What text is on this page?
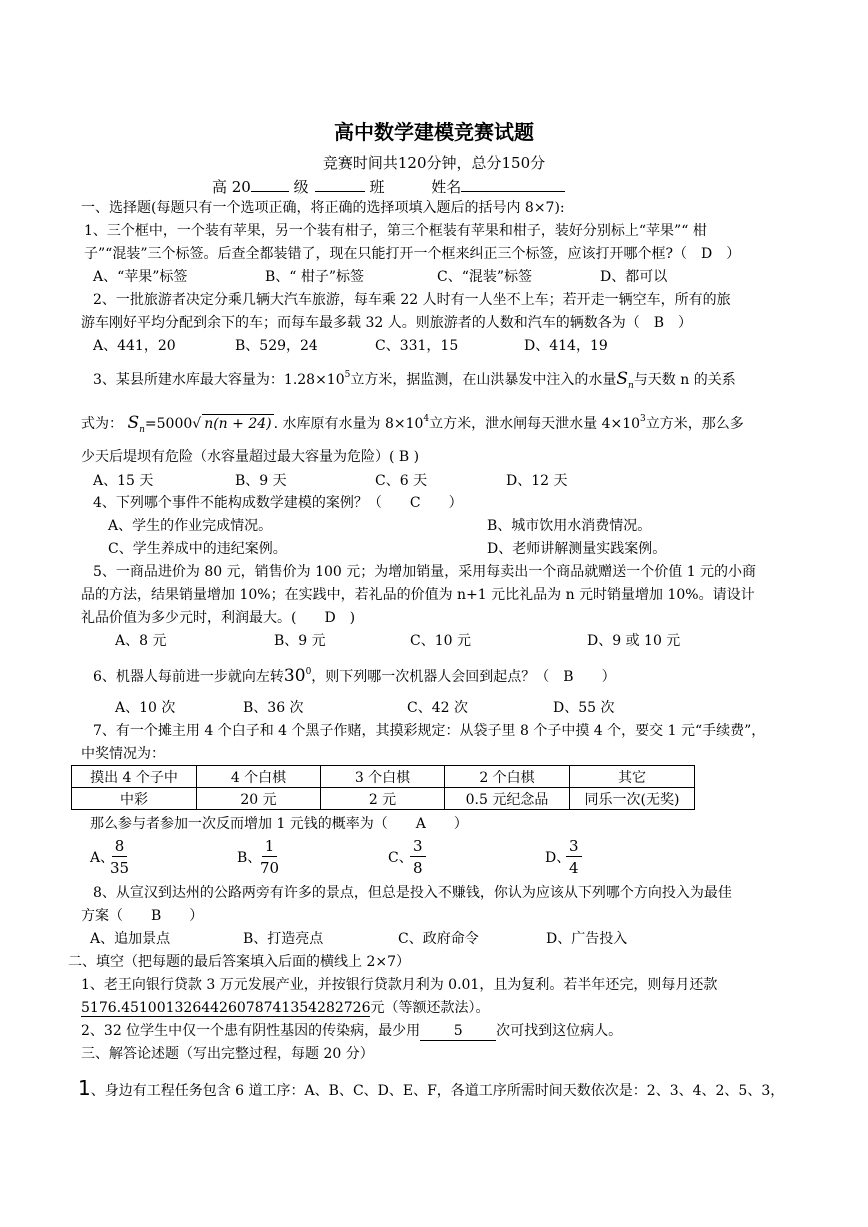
高中数学建模竞赛试题
竞赛时间共120分钟，总分150分
高 20	级	班	姓名
一、选择题(每题只有一个选项正确，将正确的选择项填入题后的括号内 8×7):
1、三个框中，一个装有苹果，另一个装有柑子，第三个框装有苹果和柑子，装好分别标上“苹果”“ 柑
子”“混装”三个标签。后查全都装错了，现在只能打开一个框来纠正三个标签，应该打开哪个框?（　D　）
A、“苹果”标签	B、“ 柑子”标签	C、“混装”标签	D、都可以
2、一批旅游者决定分乘几辆大汽车旅游，每车乘 22 人时有一人坐不上车；若开走一辆空车，所有的旅
游车刚好平均分配到余下的车；而每车最多载 32 人。则旅游者的人数和汽车的辆数各为（　B　）
A、441，20	B、529，24	C、331，15	D、414，19
3、某县所建水库最大容量为：$1.28\times 10^5$立方米，据监测，在山洪暴发中注入的水量$S_n$与天数 n 的关系
式为： $S_n=5000√$ n(n + 24) . 水库原有水量为 $8\times 10^4$立方米，泄水闸每天泄水量 $4\times 10^3$立方米，那么多
少天后堤坝有危险（水容量超过最大容量为危险）( B )
A、15 天	B、9 天	C、6 天	D、12 天
4、下列哪个事件不能构成数学建模的案例？（　　C　　）
A、学生的作业完成情况。	B、城市饮用水消费情况。
C、学生养成中的违纪案例。	D、老师讲解测量实践案例。
5、一商品进价为 80 元，销售价为 100 元；为增加销量，采用每卖出一个商品就赠送一个价值 1 元的小商
品的方法，结果销量增加 10%；在实践中，若礼品的价值为 n+1 元比礼品为 n 元时销量增加 10%。请设计
礼品价值为多少元时，利润最大。(　　D　)
A、8 元	B、9 元	C、10 元	D、9 或 10 元
6、机器人每前进一步就向左转$30^0$，则下列哪一次机器人会回到起点？（　B　　）
A、10 次	B、36 次	C、42 次	D、55 次
7、有一个摊主用 4 个白子和 4 个黑子作赌，其摸彩规定：从袋子里 8 个子中摸 4 个，要交 1 元“手续费”，
中奖情况为：
摸出 4 个子中	4 个白棋	3 个白棋	2 个白棋	其它
中彩	20 元	2 元	0.5 元纪念品	同乐一次(无奖)
那么参与者参加一次反而增加 1 元钱的概率为（　　A　　）
A、
$\frac{8}{35}$	B、
$\frac{1}{70}$	C、
$\frac{3}{8}$	D、
$\frac{3}{4}$
8、从宣汉到达州的公路两旁有许多的景点，但总是投入不赚钱，你认为应该从下列哪个方向投入为最佳
方案（　　B　　）
A、追加景点	B、打造亮点	C、政府命令	D、广告投入
二、填空（把每题的最后答案填入后面的横线上 2×7）
1、老王向银行贷款 3 万元发展产业，并按银行贷款月利为 0.01，且为复利。若半年还完，则每月还款
5176.45100132644260787413542827​26元（等额还款法）。
2、32 位学生中仅一个患有阴性基因的传染病，最少用 5 次可找到这位病人。
三、解答论述题（写出完整过程，每题 20 分）
1、身边有工程任务包含 6 道工序：A、B、C、D、E、F，各道工序所需时间天数依次是：2、3、4、2、5、3，
